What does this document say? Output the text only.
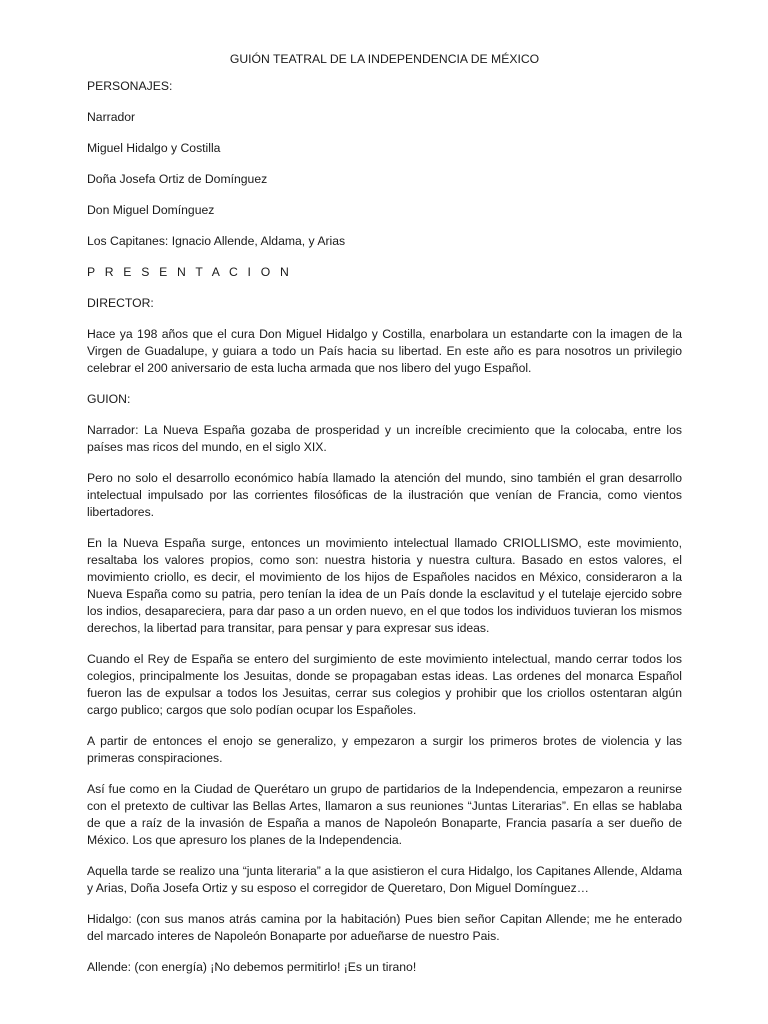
GUIÓN TEATRAL DE LA INDEPENDENCIA DE MÉXICO
PERSONAJES:
Narrador
Miguel Hidalgo y Costilla
Doña Josefa Ortiz de Domínguez
Don Miguel Domínguez
Los Capitanes: Ignacio Allende, Aldama, y Arias
P R E S E N T A C I O N
DIRECTOR:
Hace ya 198 años que el cura Don Miguel Hidalgo y Costilla, enarbolara un estandarte con la imagen de la Virgen de Guadalupe, y guiara a todo un País hacia su libertad. En este año es para nosotros un privilegio celebrar el 200 aniversario de esta lucha armada que nos libero del yugo Español.
GUION:
Narrador: La Nueva España gozaba de prosperidad y un increíble crecimiento que la colocaba, entre los países mas ricos del mundo, en el siglo XIX.
Pero no solo el desarrollo económico había llamado la atención del mundo, sino también el gran desarrollo intelectual impulsado por las corrientes filosóficas de la ilustración que venían de Francia, como vientos libertadores.
En la Nueva España surge, entonces un movimiento intelectual llamado CRIOLLISMO, este movimiento, resaltaba los valores propios, como son: nuestra historia y nuestra cultura. Basado en estos valores, el movimiento criollo, es decir, el movimiento de los hijos de Españoles nacidos en México, consideraron a la Nueva España como su patria, pero tenían la idea de un País donde la esclavitud y el tutelaje ejercido sobre los indios, desapareciera, para dar paso a un orden nuevo, en el que todos los individuos tuvieran los mismos derechos, la libertad para transitar, para pensar y para expresar sus ideas.
Cuando el Rey de España se entero del surgimiento de este movimiento intelectual, mando cerrar todos los colegios, principalmente los Jesuitas, donde se propagaban estas ideas. Las ordenes del monarca Español fueron las de expulsar a todos los Jesuitas, cerrar sus colegios y prohibir que los criollos ostentaran algún cargo publico; cargos que solo podían ocupar los Españoles.
A partir de entonces el enojo se generalizo, y empezaron a surgir los primeros brotes de violencia y las primeras conspiraciones.
Así fue como en la Ciudad de Querétaro un grupo de partidarios de la Independencia, empezaron a reunirse con el pretexto de cultivar las Bellas Artes, llamaron a sus reuniones “Juntas Literarias”. En ellas se hablaba de que a raíz de la invasión de España a manos de Napoleón Bonaparte, Francia pasaría a ser dueño de México. Los que apresuro los planes de la Independencia.
Aquella tarde se realizo una “junta literaria” a la que asistieron el cura Hidalgo, los Capitanes Allende, Aldama y Arias, Doña Josefa Ortiz y su esposo el corregidor de Queretaro, Don Miguel Domínguez…
Hidalgo: (con sus manos atrás camina por la habitación) Pues bien señor Capitan Allende; me he enterado del marcado interes de Napoleón Bonaparte por adueñarse de nuestro Pais.
Allende: (con energía) ¡No debemos permitirlo! ¡Es un tirano!
